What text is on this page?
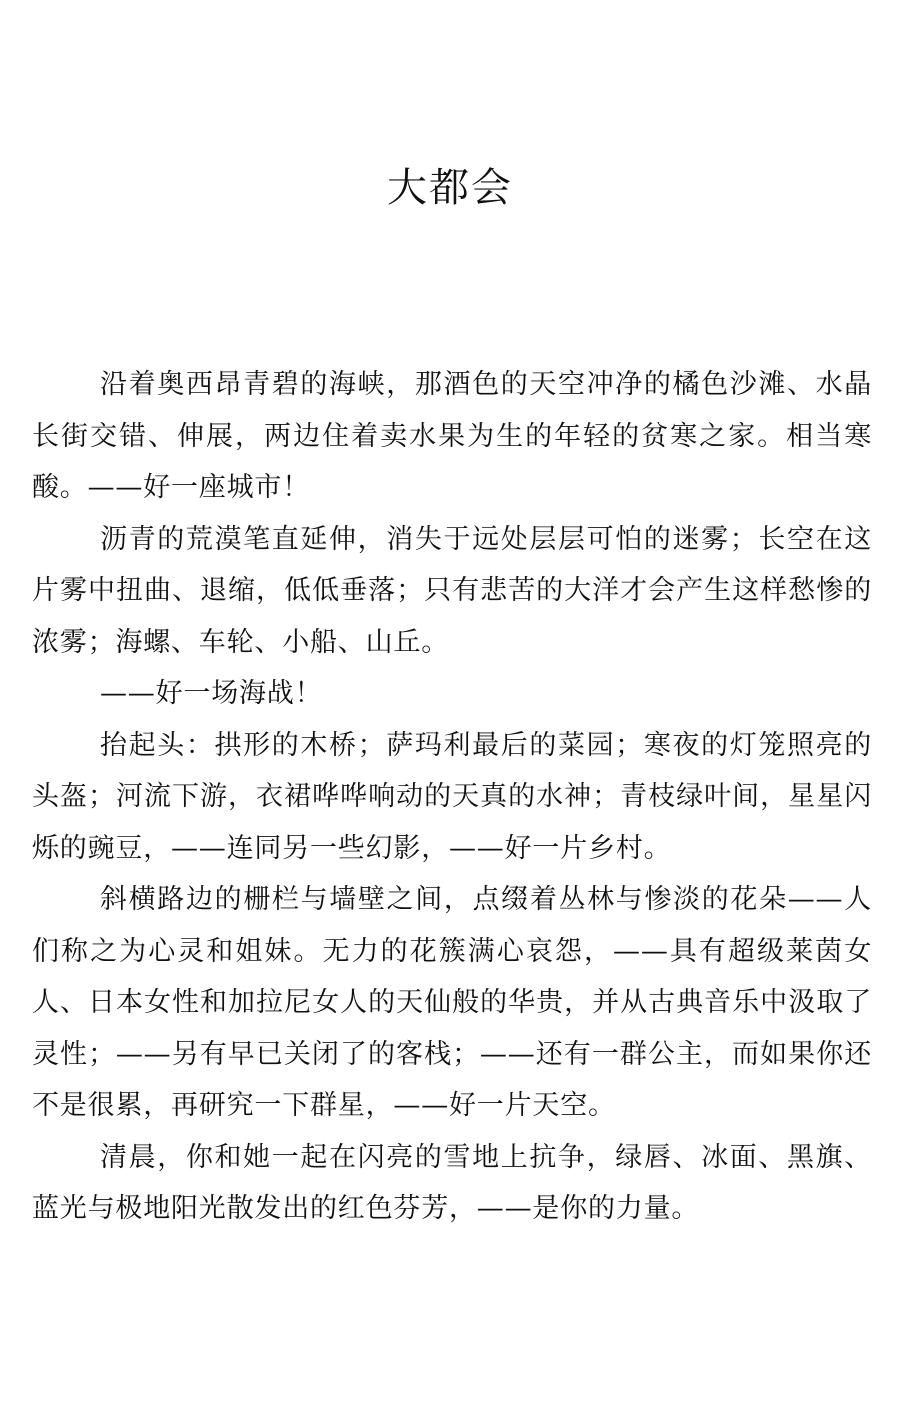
大都会

沿着奥西昂青碧的海峡，那酒色的天空冲净的橘色沙滩、水晶长街交错、伸展，两边住着卖水果为生的年轻的贫寒之家。相当寒酸。——好一座城市！

沥青的荒漠笔直延伸，消失于远处层层可怕的迷雾；长空在这片雾中扭曲、退缩，低低垂落；只有悲苦的大洋才会产生这样愁惨的浓雾；海螺、车轮、小船、山丘。

——好一场海战！

抬起头：拱形的木桥；萨玛利最后的菜园；寒夜的灯笼照亮的头盔；河流下游，衣裙哗哗响动的天真的水神；青枝绿叶间，星星闪烁的豌豆，——连同另一些幻影，——好一片乡村。

斜横路边的栅栏与墙壁之间，点缀着丛林与惨淡的花朵——人们称之为心灵和姐妹。无力的花簇满心哀怨，——具有超级莱茵女人、日本女性和加拉尼女人的天仙般的华贵，并从古典音乐中汲取了灵性；——另有早已关闭了的客栈；——还有一群公主，而如果你还不是很累，再研究一下群星，——好一片天空。

清晨，你和她一起在闪亮的雪地上抗争，绿唇、冰面、黑旗、蓝光与极地阳光散发出的红色芬芳，——是你的力量。
